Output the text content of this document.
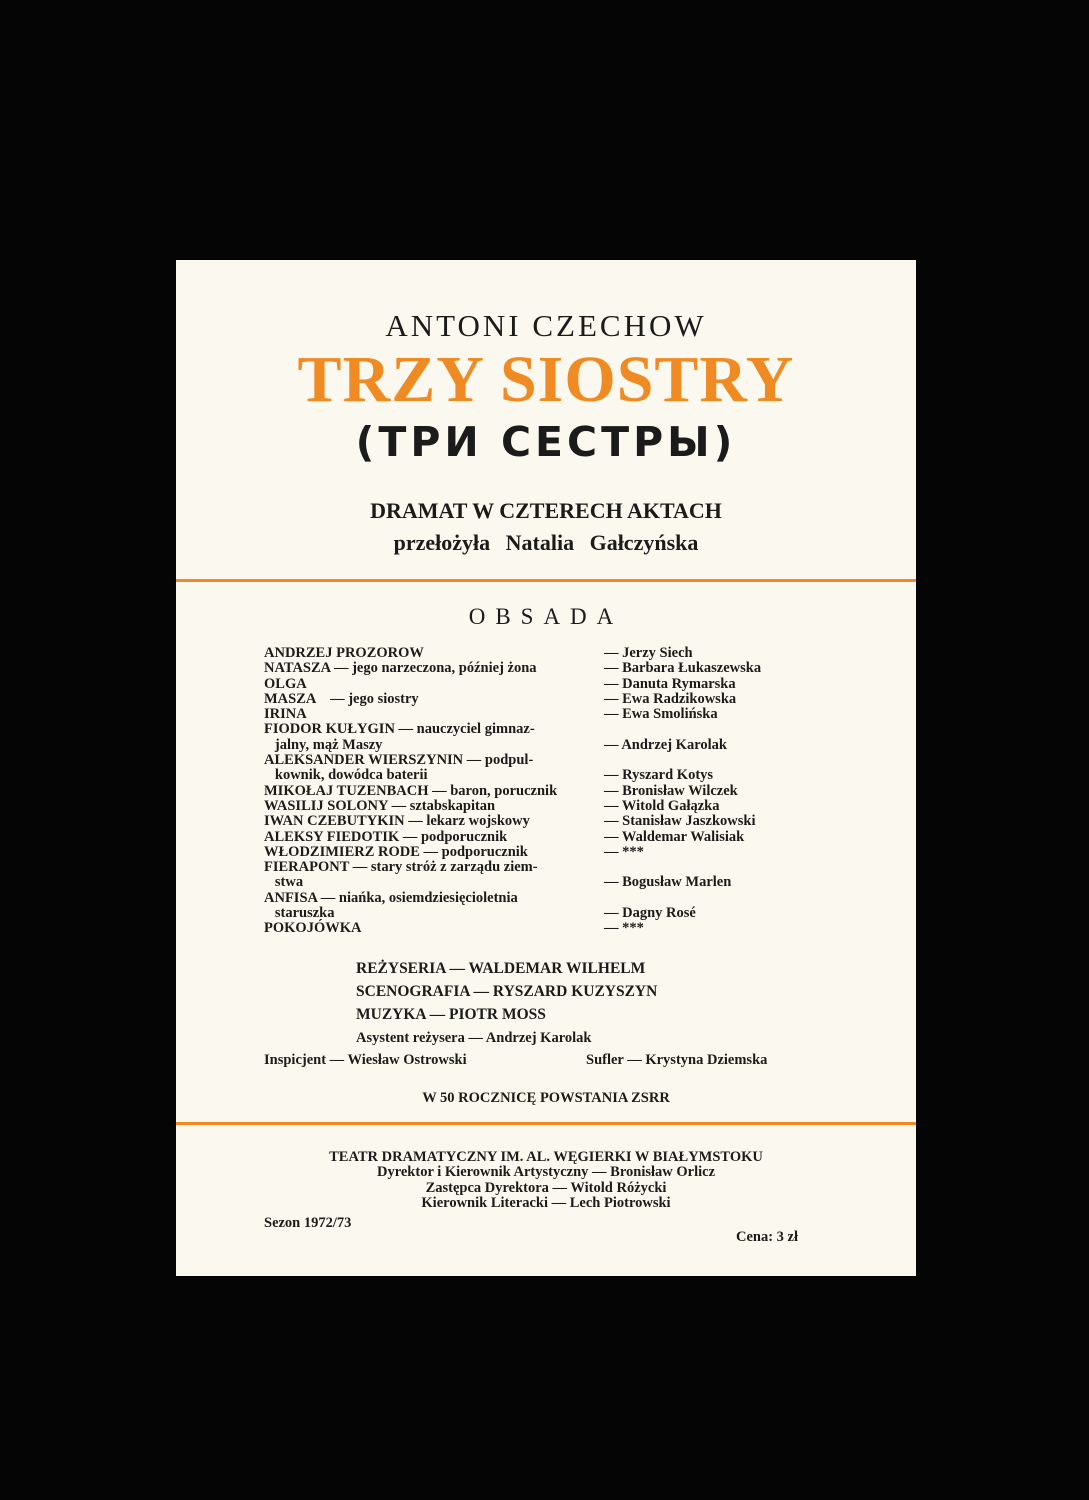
ANTONI CZECHOW
TRZY SIOSTRY
(ТРИ СЕСТРЫ)
DRAMAT W CZTERECH AKTACH
przełożyła Natalia Gałczyńska
OBSADA
ANDRZEJ PROZOROW	— Jerzy Siech
NATASZA — jego narzeczona, później żona	— Barbara Łukaszewska
OLGA	— Danuta Rymarska
MASZA    — jego siostry	— Ewa Radzikowska
IRINA	— Ewa Smolińska
FIODOR KUŁYGIN — nauczyciel gimnaz-
jalny, mąż Maszy	— Andrzej Karolak
ALEKSANDER WIERSZYNIN — podpul-
kownik, dowódca baterii	— Ryszard Kotys
MIKOŁAJ TUZENBACH — baron, porucznik	— Bronisław Wilczek
WASILIJ SOLONY — sztabskapitan	— Witold Gałązka
IWAN CZEBUTYKIN — lekarz wojskowy	— Stanisław Jaszkowski
ALEKSY FIEDOTIK — podporucznik	— Waldemar Walisiak
WŁODZIMIERZ RODE — podporucznik	— ***
FIERAPONT — stary stróż z zarządu ziem-
stwa	— Bogusław Marlen
ANFISA — niańka, osiemdziesięcioletnia
staruszka	— Dagny Rosé
POKOJÓWKA	— ***
REŻYSERIA — WALDEMAR WILHELM
SCENOGRAFIA — RYSZARD KUZYSZYN
MUZYKA — PIOTR MOSS
Asystent reżysera — Andrzej Karolak
Inspicjent — Wiesław Ostrowski	Sufler — Krystyna Dziemska
W 50 ROCZNICĘ POWSTANIA ZSRR
TEATR DRAMATYCZNY IM. AL. WĘGIERKI W BIAŁYMSTOKU
Dyrektor i Kierownik Artystyczny — Bronisław Orlicz
Zastępca Dyrektora — Witold Różycki
Kierownik Literacki — Lech Piotrowski
Sezon 1972/73
Cena: 3 zł
